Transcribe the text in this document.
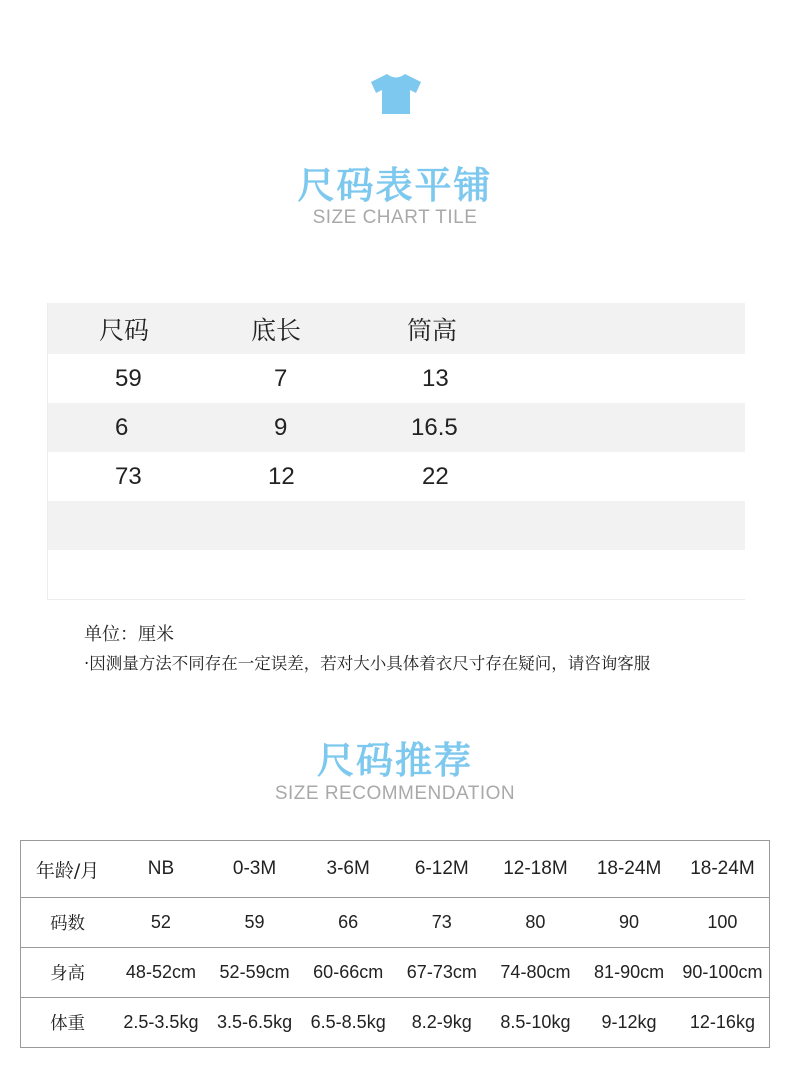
尺码表平铺
SIZE CHART TILE
尺码	底长	筒高
59	7	13
6	9	16.5
73	12	22
单位：厘米
·因测量方法不同存在一定误差，若对大小具体着衣尺寸存在疑问，请咨询客服
尺码推荐
SIZE RECOMMENDATION
年龄/月	NB	0-3M	3-6M	6-12M	12-18M	18-24M	18-24M
码数	52	59	66	73	80	90	100
身高	48-52cm	52-59cm	60-66cm	67-73cm	74-80cm	81-90cm	90-100cm
体重	2.5-3.5kg	3.5-6.5kg	6.5-8.5kg	8.2-9kg	8.5-10kg	9-12kg	12-16kg
